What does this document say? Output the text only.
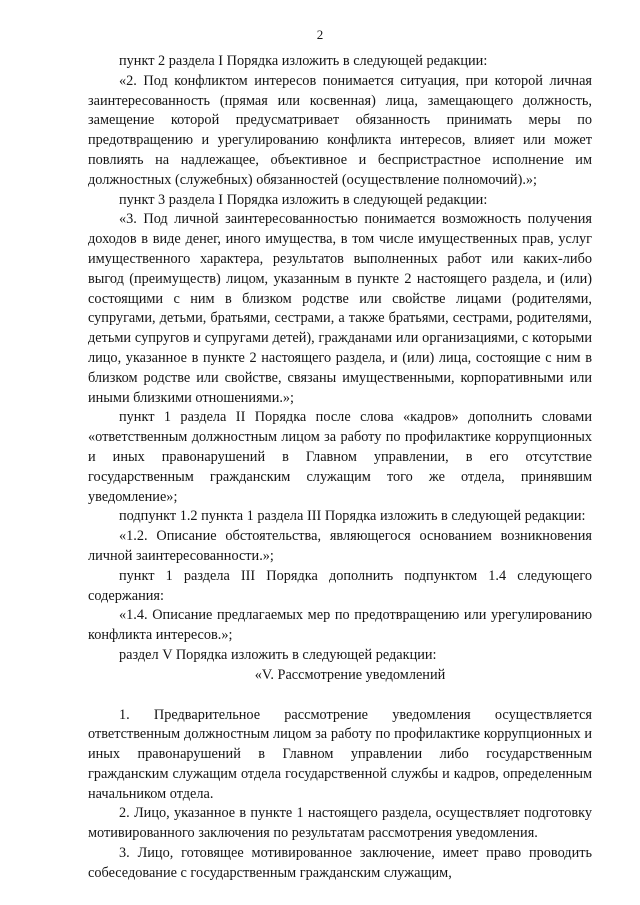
2

пункт 2 раздела I Порядка изложить в следующей редакции:

«2. Под конфликтом интересов понимается ситуация, при которой личная заинтересованность (прямая или косвенная) лица, замещающего должность, замещение которой предусматривает обязанность принимать меры по предотвращению и урегулированию конфликта интересов, влияет или может повлиять на надлежащее, объективное и беспристрастное исполнение им должностных (служебных) обязанностей (осуществление полномочий).»;

пункт 3 раздела I Порядка изложить в следующей редакции:

«3. Под личной заинтересованностью понимается возможность получения доходов в виде денег, иного имущества, в том числе имущественных прав, услуг имущественного характера, результатов выполненных работ или каких-либо выгод (преимуществ) лицом, указанным в пункте 2 настоящего раздела, и (или) состоящими с ним в близком родстве или свойстве лицами (родителями, супругами, детьми, братьями, сестрами, а также братьями, сестрами, родителями, детьми супругов и супругами детей), гражданами или организациями, с которыми лицо, указанное в пункте 2 настоящего раздела, и (или) лица, состоящие с ним в близком родстве или свойстве, связаны имущественными, корпоративными или иными близкими отношениями.»;

пункт 1 раздела II Порядка после слова «кадров» дополнить словами «ответственным должностным лицом за работу по профилактике коррупционных и иных правонарушений в Главном управлении, в его отсутствие государственным гражданским служащим того же отдела, принявшим уведомление»;

подпункт 1.2 пункта 1 раздела III Порядка изложить в следующей редакции:

«1.2. Описание обстоятельства, являющегося основанием возникновения личной заинтересованности.»;

пункт 1 раздела III Порядка дополнить подпунктом 1.4 следующего содержания:

«1.4. Описание предлагаемых мер по предотвращению или урегулированию конфликта интересов.»;

раздел V Порядка изложить в следующей редакции:

«V. Рассмотрение уведомлений

1. Предварительное рассмотрение уведомления осуществляется ответственным должностным лицом за работу по профилактике коррупционных и иных правонарушений в Главном управлении либо государственным гражданским служащим отдела государственной службы и кадров, определенным начальником отдела.

2. Лицо, указанное в пункте 1 настоящего раздела, осуществляет подготовку мотивированного заключения по результатам рассмотрения уведомления.

3. Лицо, готовящее мотивированное заключение, имеет право проводить собеседование с государственным гражданским служащим,
